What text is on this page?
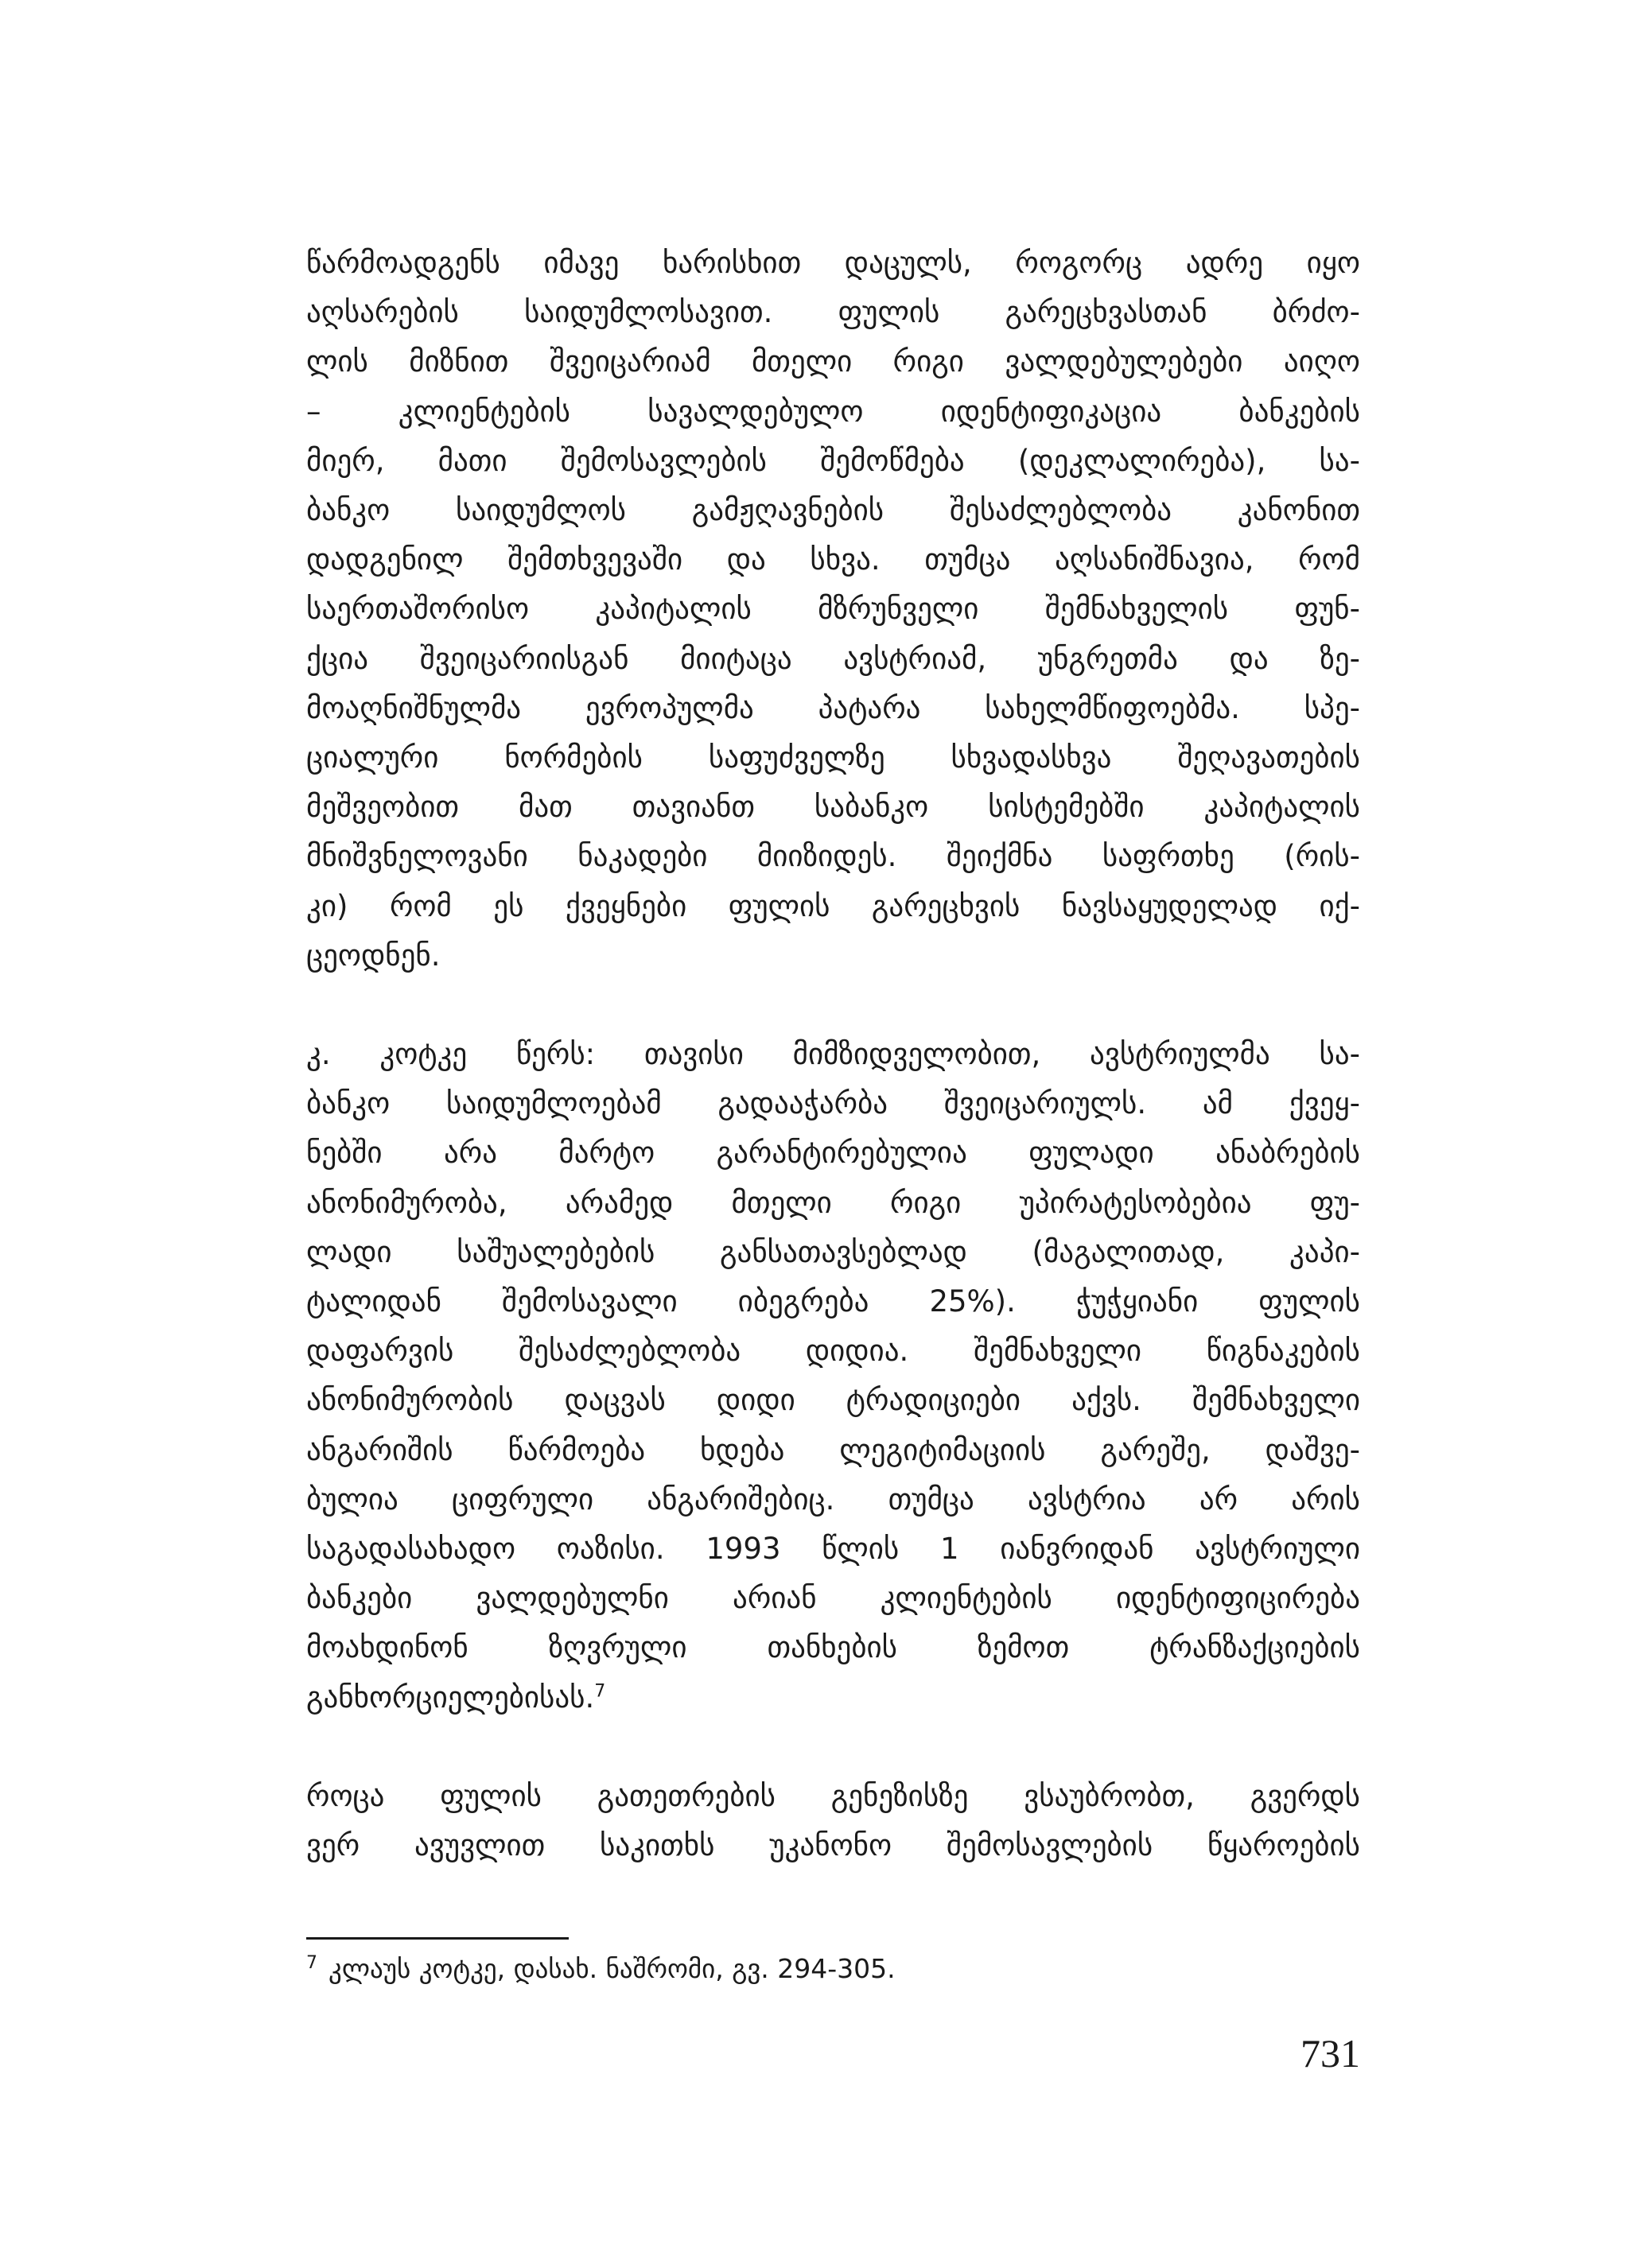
წარმოადგენს იმავე ხარისხით დაცულს, როგორც ადრე იყო
აღსარების საიდუმლოსავით. ფულის გარეცხვასთან ბრძო-
ლის მიზნით შვეიცარიამ მთელი რიგი ვალდებულებები აიღო
– კლიენტების სავალდებულო იდენტიფიკაცია ბანკების
მიერ, მათი შემოსავლების შემოწმება (დეკლალირება), სა-
ბანკო საიდუმლოს გამჟღავნების შესაძლებლობა კანონით
დადგენილ შემთხვევაში და სხვა. თუმცა აღსანიშნავია, რომ
საერთაშორისო კაპიტალის მზრუნველი შემნახველის ფუნ-
ქცია შვეიცარიისგან მიიტაცა ავსტრიამ, უნგრეთმა და ზე-
მოაღნიშნულმა ევროპულმა პატარა სახელმწიფოებმა. სპე-
ციალური ნორმების საფუძველზე სხვადასხვა შეღავათების
მეშვეობით მათ თავიანთ საბანკო სისტემებში კაპიტალის
მნიშვნელოვანი ნაკადები მიიზიდეს. შეიქმნა საფრთხე (რის-
კი) რომ ეს ქვეყნები ფულის გარეცხვის ნავსაყუდელად იქ-
ცეოდნენ.

კ. კოტკე წერს: თავისი მიმზიდველობით, ავსტრიულმა სა-
ბანკო საიდუმლოებამ გადააჭარბა შვეიცარიულს. ამ ქვეყ-
ნებში არა მარტო გარანტირებულია ფულადი ანაბრების
ანონიმურობა, არამედ მთელი რიგი უპირატესობებია ფუ-
ლადი საშუალებების განსათავსებლად (მაგალითად, კაპი-
ტალიდან შემოსავალი იბეგრება 25%). ჭუჭყიანი ფულის
დაფარვის შესაძლებლობა დიდია. შემნახველი წიგნაკების
ანონიმურობის დაცვას დიდი ტრადიციები აქვს. შემნახველი
ანგარიშის წარმოება ხდება ლეგიტიმაციის გარეშე, დაშვე-
ბულია ციფრული ანგარიშებიც. თუმცა ავსტრია არ არის
საგადასახადო ოაზისი. 1993 წლის 1 იანვრიდან ავსტრიული
ბანკები ვალდებულნი არიან კლიენტების იდენტიფიცირება
მოახდინონ ზღვრული თანხების ზემოთ ტრანზაქციების
განხორციელებისას.$^7$

როცა ფულის გათეთრების გენეზისზე ვსაუბრობთ, გვერდს
ვერ ავუვლით საკითხს უკანონო შემოსავლების წყაროების

$^7$ კლაუს კოტკე, დასახ. ნაშრომი, გვ. 294-305.
731
